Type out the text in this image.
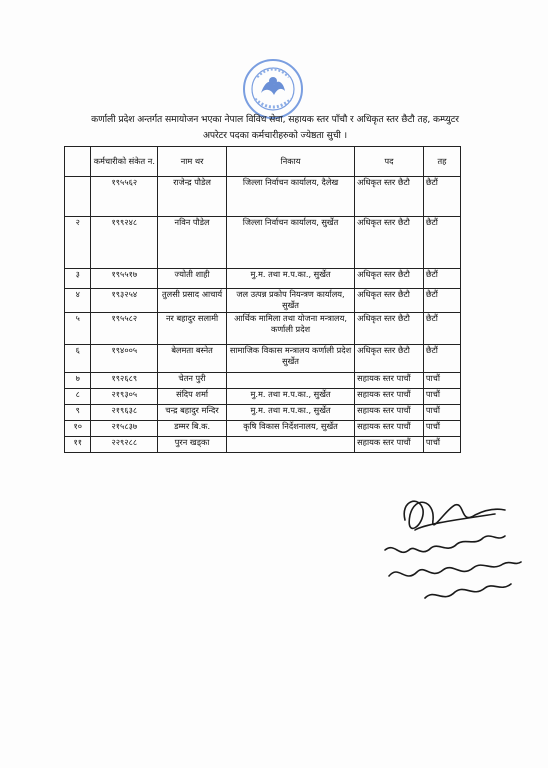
कर्णाली प्रदेश अन्तर्गत समायोजन भएका नेपाल विविध सेवा, सहायक स्तर पाँचौ र अधिकृत स्तर छैटौ तह, कम्प्युटर
अपरेटर पदका कर्मचारीहरुको ज्येष्ठता सुची ।
	कर्मचारीको संकेत न.	नाम थर	निकाय	पद	तह
	१९५५६२	राजेन्द्र पौडेल	जिल्ला निर्वाचन कार्यालय, दैलेख	अधिकृत स्तर छैटौ	छैटौं
२	१९९२४८	नविन पौडेल	जिल्ला निर्वाचन कार्यालय, सुर्खेत	अधिकृत स्तर छैटौ	छैटौं
३	१९५५१७	ज्योती शाही	मु.म. तथा म.प.का., सुर्खेत	अधिकृत स्तर छैटौ	छैटौं
४	१९३२५४	तुलसी प्रसाद आचार्य	जल उत्पन्न प्रकोप नियन्त्रण कार्यालय, सुर्खेत	अधिकृत स्तर छैटौ	छैटौं
५	१९५५८२	नर बहादुर सलामी	आर्थिक मामिला तथा योजना मन्त्रालय, कर्णाली प्रदेश	अधिकृत स्तर छैटौ	छैटौं
६	१९४००५	बेलमता बस्नेत	सामाजिक विकास मन्त्रालय कर्णाली प्रदेश सुर्खेत	अधिकृत स्तर छैटौ	छैटौं
७	१९२६८९	चेतन पुरी		सहायक स्तर पाचौं	पाचौं
८	२१९३०५	संदिप शर्मा	मु.म. तथा म.प.का., सुर्खेत	सहायक स्तर पाचौं	पाचौं
९	२१९६३८	चन्द्र बहादुर मन्दिर	मु.म. तथा म.प.का., सुर्खेत	सहायक स्तर पाचौं	पाचौं
१०	२१५८३७	डम्मर बि.क.	कृषि विकास निर्देशनालय, सुर्खेत	सहायक स्तर पाचौं	पाचौं
११	२२९२८८	पुरन खड्का		सहायक स्तर पाचौं	पाचौं
